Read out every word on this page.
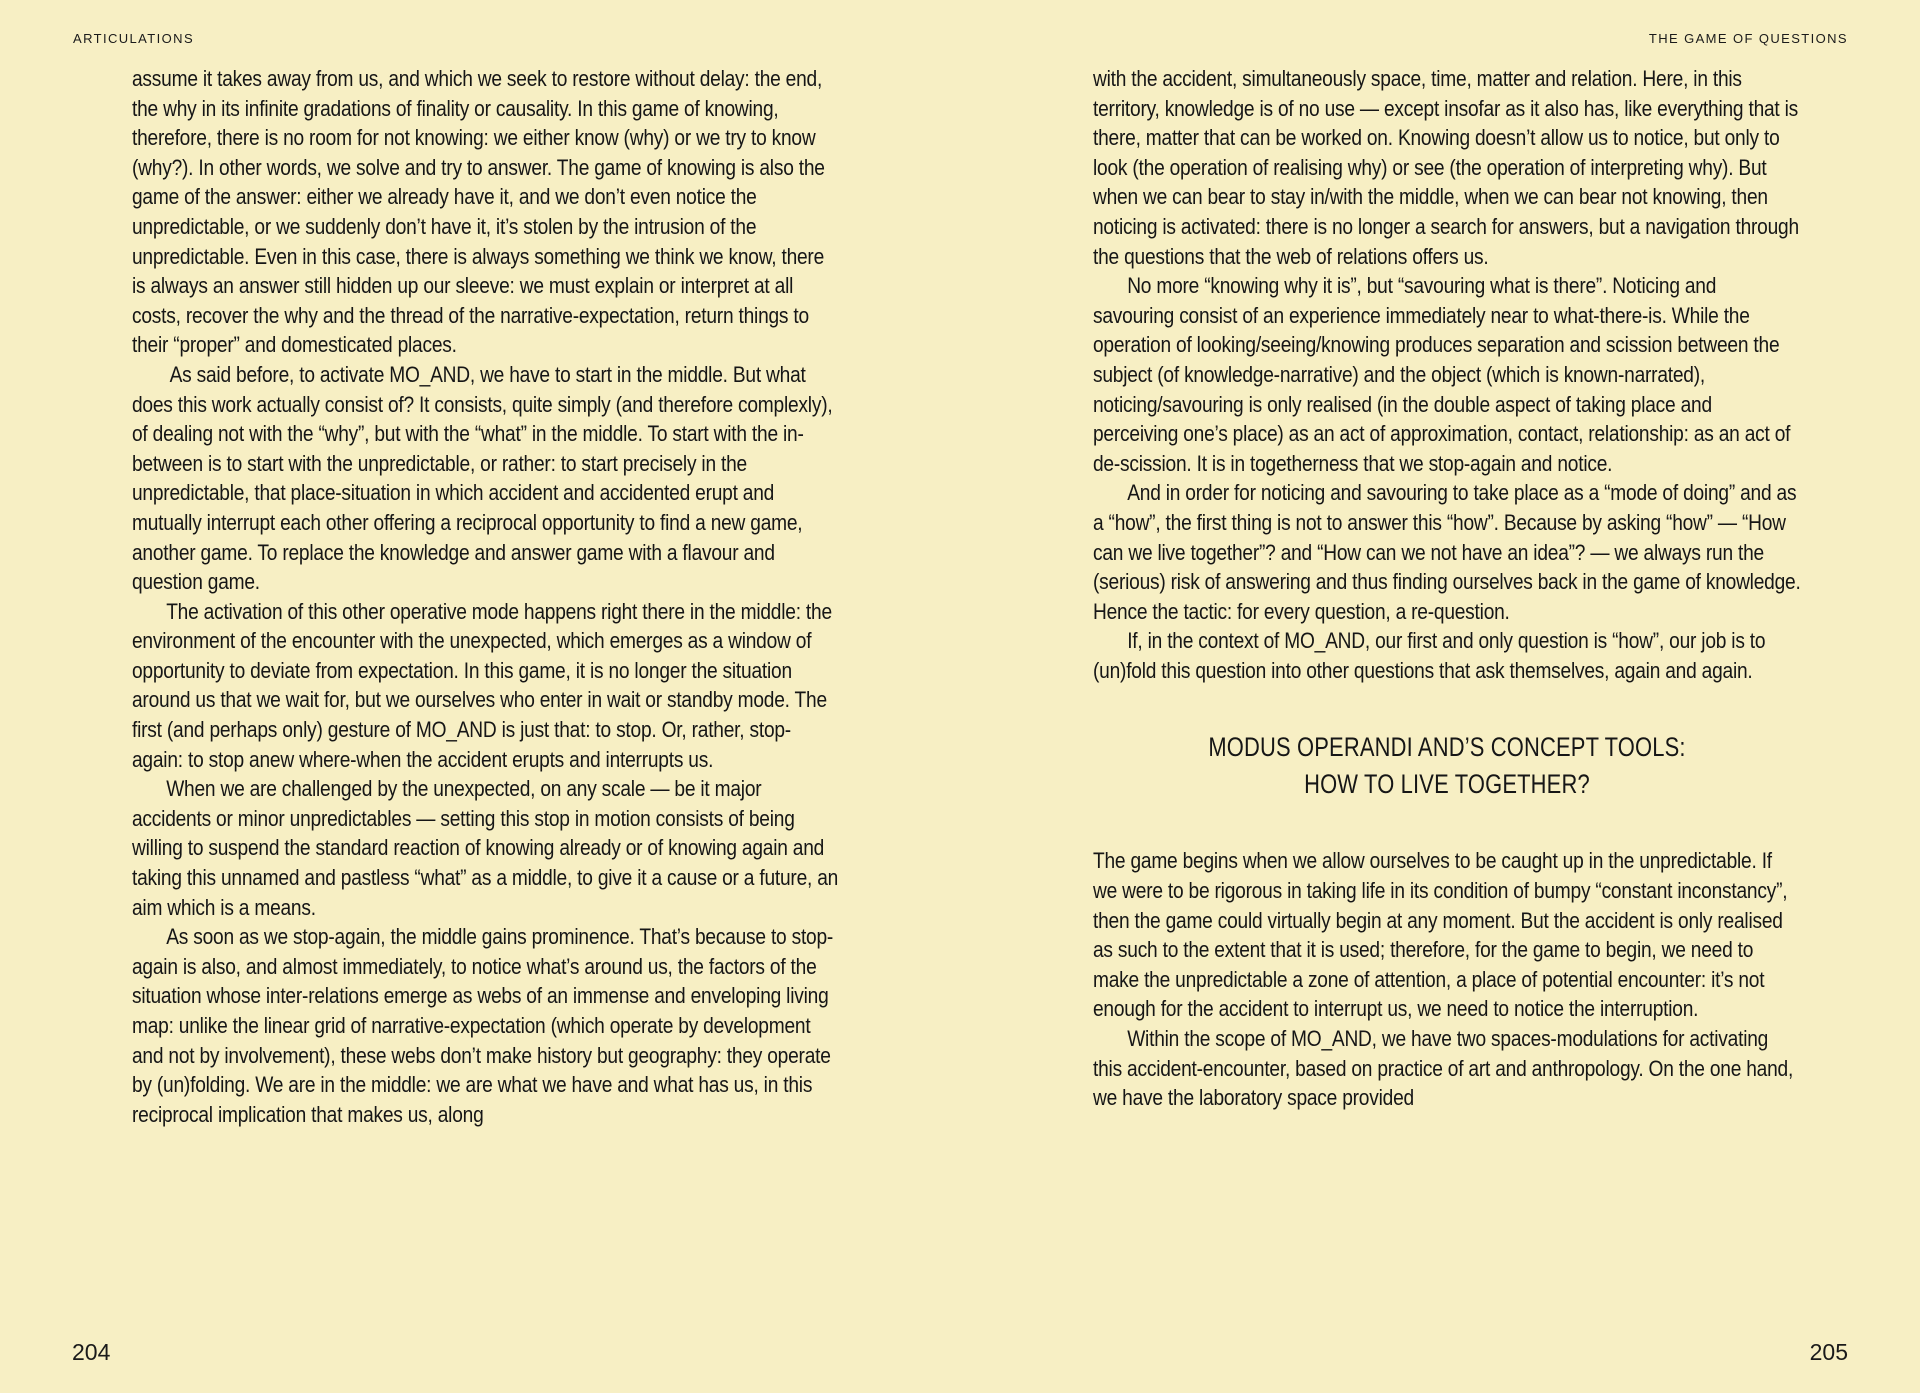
ARTICULATIONS

assume it takes away from us, and which we seek to restore without delay: the end, the why in its infinite gradations of finality or causality. In this game of knowing, therefore, there is no room for not knowing: we either know (why) or we try to know (why?). In other words, we solve and try to answer. The game of knowing is also the game of the answer: either we already have it, and we don’t even notice the unpredictable, or we suddenly don’t have it, it’s stolen by the intrusion of the unpredictable. Even in this case, there is always something we think we know, there is always an answer still hidden up our sleeve: we must explain or interpret at all costs, recover the why and the thread of the narrative-expectation, return things to their “proper” and domesticated places.

As said before, to activate MO_AND, we have to start in the middle. But what does this work actually consist of? It consists, quite simply (and therefore complexly), of dealing not with the “why”, but with the “what” in the middle. To start with the in-between is to start with the unpredictable, or rather: to start precisely in the unpredictable, that place-situation in which accident and accidented erupt and mutually interrupt each other offering a reciprocal opportunity to find a new game, another game. To replace the knowledge and answer game with a flavour and question game.

The activation of this other operative mode happens right there in the middle: the environment of the encounter with the unexpected, which emerges as a window of opportunity to deviate from expectation. In this game, it is no longer the situation around us that we wait for, but we ourselves who enter in wait or standby mode. The first (and perhaps only) gesture of MO_AND is just that: to stop. Or, rather, stop-again: to stop anew where-when the accident erupts and interrupts us.

When we are challenged by the unexpected, on any scale — be it major accidents or minor unpredictables — setting this stop in motion consists of being willing to suspend the standard reaction of knowing already or of knowing again and taking this unnamed and pastless “what” as a middle, to give it a cause or a future, an aim which is a means.

As soon as we stop-again, the middle gains prominence. That’s because to stop-again is also, and almost immediately, to notice what’s around us, the factors of the situation whose inter-relations emerge as webs of an immense and enveloping living map: unlike the linear grid of narrative-expectation (which operate by development and not by involvement), these webs don’t make history but geography: they operate by (un)folding. We are in the middle: we are what we have and what has us, in this reciprocal implication that makes us, along

204
THE GAME OF QUESTIONS

with the accident, simultaneously space, time, matter and relation. Here, in this territory, knowledge is of no use — except insofar as it also has, like everything that is there, matter that can be worked on. Knowing doesn’t allow us to notice, but only to look (the operation of realising why) or see (the operation of interpreting why). But when we can bear to stay in/with the middle, when we can bear not knowing, then noticing is activated: there is no longer a search for answers, but a navigation through the questions that the web of relations offers us.

No more “knowing why it is”, but “savouring what is there”. Noticing and savouring consist of an experience immediately near to what-there-is. While the operation of looking/seeing/knowing produces separation and scission between the subject (of knowledge-narrative) and the object (which is known-narrated), noticing/savouring is only realised (in the double aspect of taking place and perceiving one’s place) as an act of approximation, contact, relationship: as an act of de-scission. It is in togetherness that we stop-again and notice.

And in order for noticing and savouring to take place as a “mode of doing” and as a “how”, the first thing is not to answer this “how”. Because by asking “how” — “How can we live together”? and “How can we not have an idea”? — we always run the (serious) risk of answering and thus finding ourselves back in the game of knowledge. Hence the tactic: for every question, a re-question.

If, in the context of MO_AND, our first and only question is “how”, our job is to (un)fold this question into other questions that ask themselves, again and again.

MODUS OPERANDI AND’S CONCEPT TOOLS:
HOW TO LIVE TOGETHER?

The game begins when we allow ourselves to be caught up in the unpredictable. If we were to be rigorous in taking life in its condition of bumpy “constant inconstancy”, then the game could virtually begin at any moment. But the accident is only realised as such to the extent that it is used; therefore, for the game to begin, we need to make the unpredictable a zone of attention, a place of potential encounter: it’s not enough for the accident to interrupt us, we need to notice the interruption.

Within the scope of MO_AND, we have two spaces-modulations for activating this accident-encounter, based on practice of art and anthropology. On the one hand, we have the laboratory space provided

205
